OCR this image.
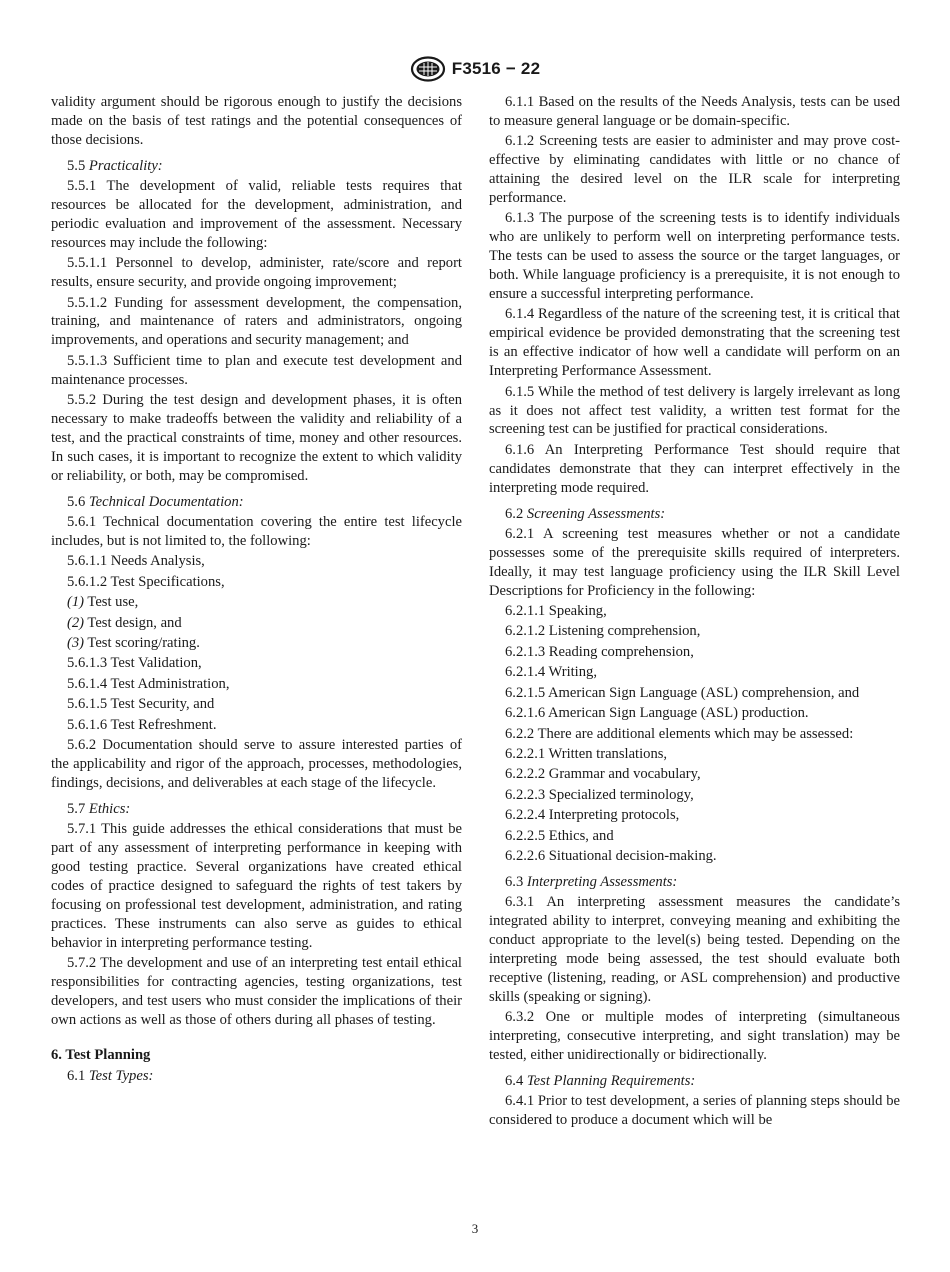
F3516 − 22

validity argument should be rigorous enough to justify the decisions made on the basis of test ratings and the potential consequences of those decisions.

5.5 Practicality:

5.5.1 The development of valid, reliable tests requires that resources be allocated for the development, administration, and periodic evaluation and improvement of the assessment. Necessary resources may include the following:

5.5.1.1 Personnel to develop, administer, rate/score and report results, ensure security, and provide ongoing improvement;

5.5.1.2 Funding for assessment development, the compensation, training, and maintenance of raters and administrators, ongoing improvements, and operations and security management; and

5.5.1.3 Sufficient time to plan and execute test development and maintenance processes.

5.5.2 During the test design and development phases, it is often necessary to make tradeoffs between the validity and reliability of a test, and the practical constraints of time, money and other resources. In such cases, it is important to recognize the extent to which validity or reliability, or both, may be compromised.

5.6 Technical Documentation:

5.6.1 Technical documentation covering the entire test lifecycle includes, but is not limited to, the following:

5.6.1.1 Needs Analysis,

5.6.1.2 Test Specifications,

(1) Test use,

(2) Test design, and

(3) Test scoring/rating.

5.6.1.3 Test Validation,

5.6.1.4 Test Administration,

5.6.1.5 Test Security, and

5.6.1.6 Test Refreshment.

5.6.2 Documentation should serve to assure interested parties of the applicability and rigor of the approach, processes, methodologies, findings, decisions, and deliverables at each stage of the lifecycle.

5.7 Ethics:

5.7.1 This guide addresses the ethical considerations that must be part of any assessment of interpreting performance in keeping with good testing practice. Several organizations have created ethical codes of practice designed to safeguard the rights of test takers by focusing on professional test development, administration, and rating practices. These instruments can also serve as guides to ethical behavior in interpreting performance testing.

5.7.2 The development and use of an interpreting test entail ethical responsibilities for contracting agencies, testing organizations, test developers, and test users who must consider the implications of their own actions as well as those of others during all phases of testing.

6. Test Planning

6.1 Test Types:

6.1.1 Based on the results of the Needs Analysis, tests can be used to measure general language or be domain-specific.

6.1.2 Screening tests are easier to administer and may prove cost-effective by eliminating candidates with little or no chance of attaining the desired level on the ILR scale for interpreting performance.

6.1.3 The purpose of the screening tests is to identify individuals who are unlikely to perform well on interpreting performance tests. The tests can be used to assess the source or the target languages, or both. While language proficiency is a prerequisite, it is not enough to ensure a successful interpreting performance.

6.1.4 Regardless of the nature of the screening test, it is critical that empirical evidence be provided demonstrating that the screening test is an effective indicator of how well a candidate will perform on an Interpreting Performance Assessment.

6.1.5 While the method of test delivery is largely irrelevant as long as it does not affect test validity, a written test format for the screening test can be justified for practical considerations.

6.1.6 An Interpreting Performance Test should require that candidates demonstrate that they can interpret effectively in the interpreting mode required.

6.2 Screening Assessments:

6.2.1 A screening test measures whether or not a candidate possesses some of the prerequisite skills required of interpreters. Ideally, it may test language proficiency using the ILR Skill Level Descriptions for Proficiency in the following:

6.2.1.1 Speaking,

6.2.1.2 Listening comprehension,

6.2.1.3 Reading comprehension,

6.2.1.4 Writing,

6.2.1.5 American Sign Language (ASL) comprehension, and

6.2.1.6 American Sign Language (ASL) production.

6.2.2 There are additional elements which may be assessed:

6.2.2.1 Written translations,

6.2.2.2 Grammar and vocabulary,

6.2.2.3 Specialized terminology,

6.2.2.4 Interpreting protocols,

6.2.2.5 Ethics, and

6.2.2.6 Situational decision-making.

6.3 Interpreting Assessments:

6.3.1 An interpreting assessment measures the candidate’s integrated ability to interpret, conveying meaning and exhibiting the conduct appropriate to the level(s) being tested. Depending on the interpreting mode being assessed, the test should evaluate both receptive (listening, reading, or ASL comprehension) and productive skills (speaking or signing).

6.3.2 One or multiple modes of interpreting (simultaneous interpreting, consecutive interpreting, and sight translation) may be tested, either unidirectionally or bidirectionally.

6.4 Test Planning Requirements:

6.4.1 Prior to test development, a series of planning steps should be considered to produce a document which will be

3
